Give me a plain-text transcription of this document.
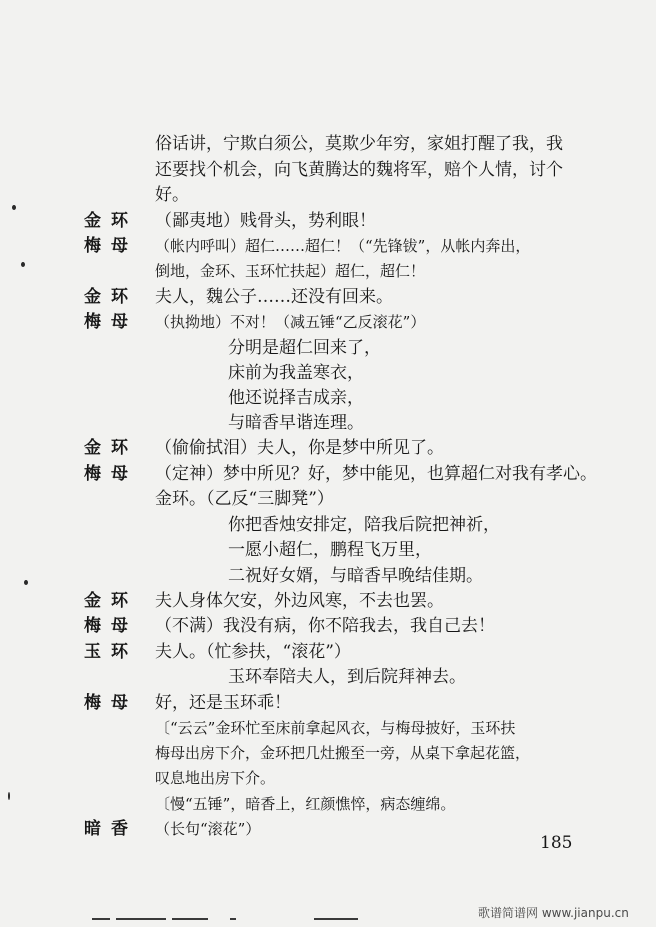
俗话讲，宁欺白须公，莫欺少年穷，家姐打醒了我，我
还要找个机会，向飞黄腾达的魏将军，赔个人情，讨个
好。
金环 （鄙夷地）贱骨头，势利眼！
梅母 （帐内呼叫）超仁……超仁！（“先锋钹”，从帐内奔出，
倒地，金环、玉环忙扶起）超仁，超仁！
金环 夫人，魏公子……还没有回来。
梅母 （执拗地）不对！（减五锤“乙反滚花”）
分明是超仁回来了，
床前为我盖寒衣，
他还说择吉成亲，
与暗香早谐连理。
金环 （偷偷拭泪）夫人，你是梦中所见了。
梅母 （定神）梦中所见？好，梦中能见，也算超仁对我有孝心。
金环。（乙反“三脚凳”）
你把香烛安排定，陪我后院把神祈，
一愿小超仁，鹏程飞万里，
二祝好女婿，与暗香早晚结佳期。
金环 夫人身体欠安，外边风寒，不去也罢。
梅母 （不满）我没有病，你不陪我去，我自己去！
玉环 夫人。（忙参扶，“滚花”）
玉环奉陪夫人，到后院拜神去。
梅母 好，还是玉环乖！
〔“云云”金环忙至床前拿起风衣，与梅母披好，玉环扶
梅母出房下介，金环把几灶搬至一旁，从桌下拿起花篮，
叹息地出房下介。
〔慢“五锤”，暗香上，红颜憔悴，病态缠绵。
暗香 （长句“滚花”）
185
歌谱简谱网 www.jianpu.cn
